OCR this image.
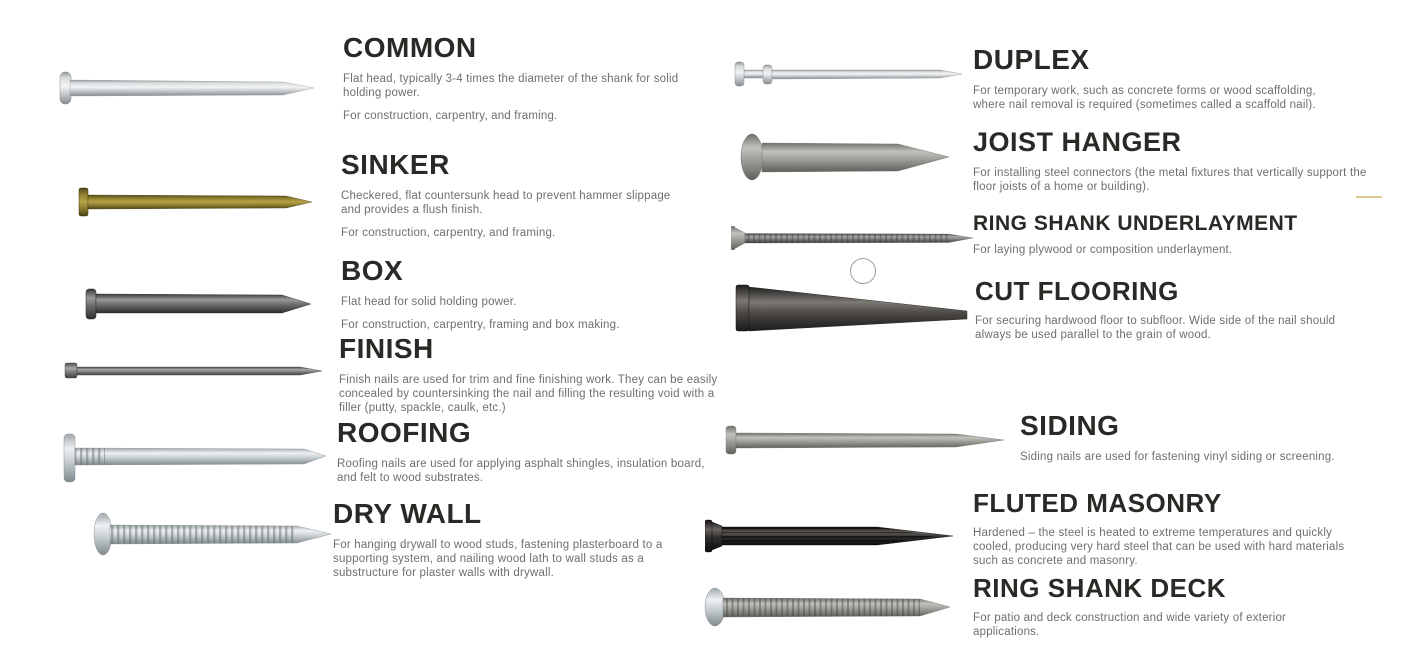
COMMON

Flat head, typically 3-4 times the diameter of the shank for solid holding power.

For construction, carpentry, and framing.

SINKER

Checkered, flat countersunk head to prevent hammer slippage and provides a flush finish.

For construction, carpentry, and framing.

BOX

Flat head for solid holding power.

For construction, carpentry, framing and box making.

FINISH

Finish nails are used for trim and fine finishing work. They can be easily concealed by countersinking the nail and filling the resulting void with a filler (putty, spackle, caulk, etc.)

ROOFING

Roofing nails are used for applying asphalt shingles, insulation board, and felt to wood substrates.

DRY WALL

For hanging drywall to wood studs, fastening plasterboard to a supporting system, and nailing wood lath to wall studs as a substructure for plaster walls with drywall.

DUPLEX

For temporary work, such as concrete forms or wood scaffolding, where nail removal is required (sometimes called a scaffold nail).

JOIST HANGER

For installing steel connectors (the metal fixtures that vertically support the floor joists of a home or building).

RING SHANK UNDERLAYMENT

For laying plywood or composition underlayment.

CUT FLOORING

For securing hardwood floor to subfloor. Wide side of the nail should always be used parallel to the grain of wood.

SIDING

Siding nails are used for fastening vinyl siding or screening.

FLUTED MASONRY

Hardened – the steel is heated to extreme temperatures and quickly cooled, producing very hard steel that can be used with hard materials such as concrete and masonry.

RING SHANK DECK

For patio and deck construction and wide variety of exterior applications.
